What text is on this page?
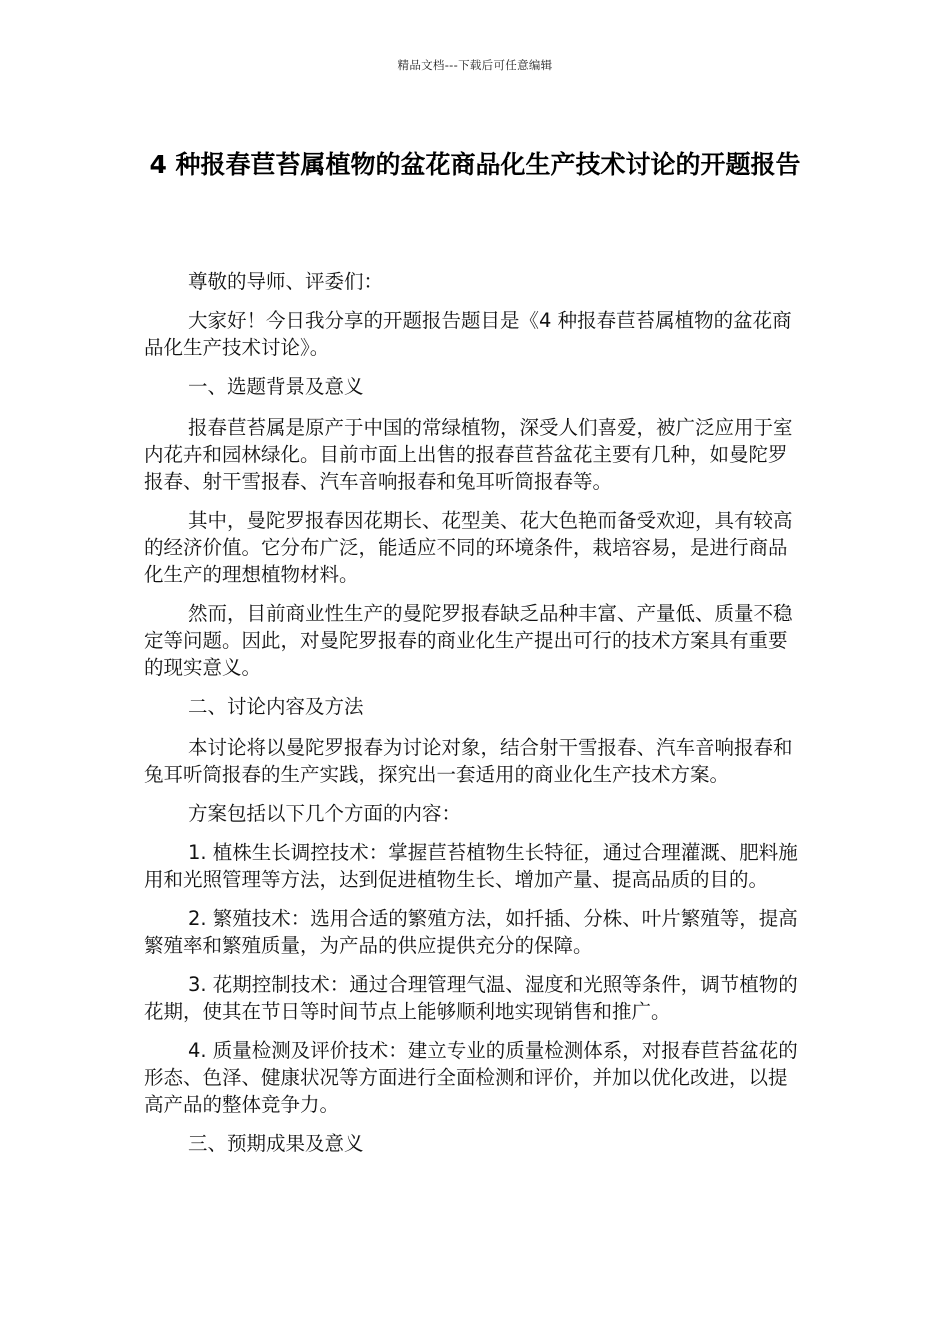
精品文档---下载后可任意编辑
4 种报春苣苔属植物的盆花商品化生产技术讨论的开题报告

尊敬的导师、评委们：

大家好！今日我分享的开题报告题目是《4 种报春苣苔属植物的盆花商品化生产技术讨论》。

一、选题背景及意义

报春苣苔属是原产于中国的常绿植物，深受人们喜爱，被广泛应用于室内花卉和园林绿化。目前市面上出售的报春苣苔盆花主要有几种，如曼陀罗报春、射干雪报春、汽车音响报春和兔耳听筒报春等。

其中，曼陀罗报春因花期长、花型美、花大色艳而备受欢迎，具有较高的经济价值。它分布广泛，能适应不同的环境条件，栽培容易，是进行商品化生产的理想植物材料。

然而，目前商业性生产的曼陀罗报春缺乏品种丰富、产量低、质量不稳定等问题。因此，对曼陀罗报春的商业化生产提出可行的技术方案具有重要的现实意义。

二、讨论内容及方法

本讨论将以曼陀罗报春为讨论对象，结合射干雪报春、汽车音响报春和兔耳听筒报春的生产实践，探究出一套适用的商业化生产技术方案。

方案包括以下几个方面的内容：

1. 植株生长调控技术：掌握苣苔植物生长特征，通过合理灌溉、肥料施用和光照管理等方法，达到促进植物生长、增加产量、提高品质的目的。

2. 繁殖技术：选用合适的繁殖方法，如扦插、分株、叶片繁殖等，提高繁殖率和繁殖质量，为产品的供应提供充分的保障。

3. 花期控制技术：通过合理管理气温、湿度和光照等条件，调节植物的花期，使其在节日等时间节点上能够顺利地实现销售和推广。

4. 质量检测及评价技术：建立专业的质量检测体系，对报春苣苔盆花的形态、色泽、健康状况等方面进行全面检测和评价，并加以优化改进，以提高产品的整体竞争力。

三、预期成果及意义
